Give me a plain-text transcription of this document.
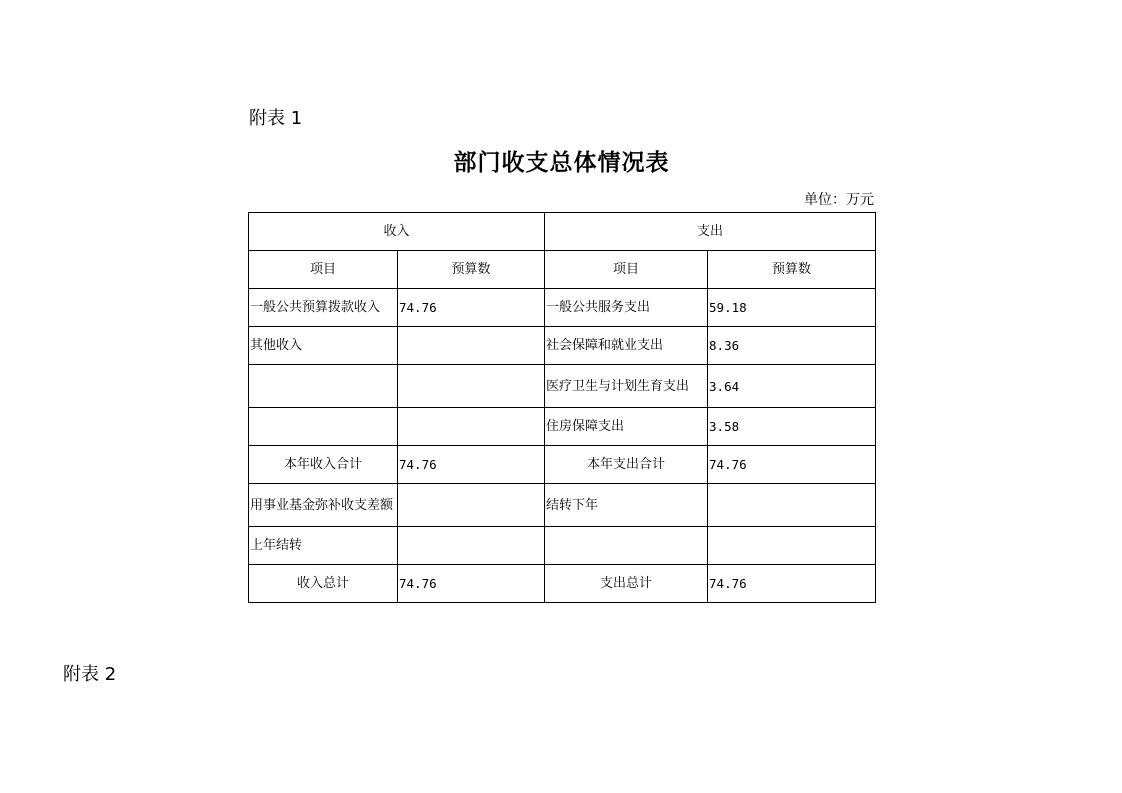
附表 1
部门收支总体情况表
单位：万元
收入		支出	
项目	预算数	项目	预算数
一般公共预算拨款收入	74.76	一般公共服务支出	59.18
其他收入		社会保障和就业支出	8.36
		医疗卫生与计划生育支出	3.64
		住房保障支出	3.58
本年收入合计	74.76	本年支出合计	74.76
用事业基金弥补收支差额		结转下年	
上年结转			
收入总计	74.76	支出总计	74.76
附表 2
